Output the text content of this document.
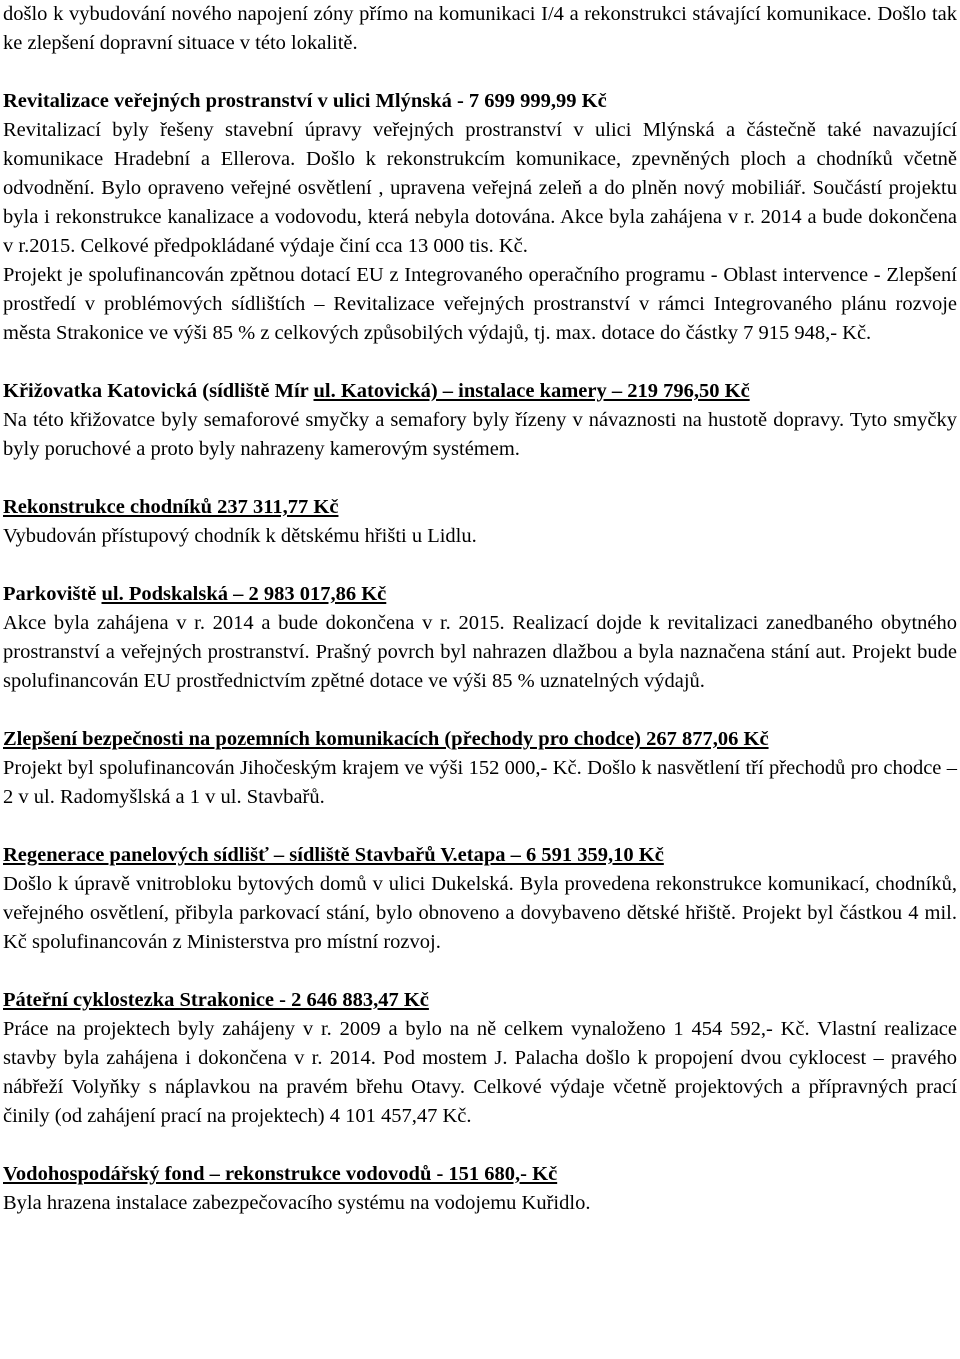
došlo k vybudování nového napojení zóny přímo na komunikaci I/4 a rekonstrukci stávající komunikace. Došlo tak ke zlepšení dopravní situace v této lokalitě.

Revitalizace veřejných prostranství v ulici Mlýnská - 7 699 999,99 Kč

Revitalizací byly řešeny stavební úpravy veřejných prostranství v ulici Mlýnská a částečně také navazující komunikace Hradební a Ellerova. Došlo k rekonstrukcím komunikace, zpevněných ploch a chodníků včetně odvodnění. Bylo opraveno veřejné osvětlení , upravena veřejná zeleň a do plněn nový mobiliář. Součástí projektu byla i rekonstrukce kanalizace a vodovodu, která nebyla dotována. Akce byla zahájena v r. 2014 a bude dokončena v r.2015. Celkové předpokládané výdaje činí cca 13 000 tis. Kč.

Projekt je spolufinancován zpětnou dotací EU z Integrovaného operačního programu - Oblast intervence - Zlepšení prostředí v problémových sídlištích – Revitalizace veřejných prostranství v rámci Integrovaného plánu rozvoje města Strakonice ve výši 85 % z celkových způsobilých výdajů, tj. max. dotace do částky 7 915 948,- Kč.

Křižovatka Katovická (sídliště Mír ul. Katovická) – instalace kamery – 219 796,50 Kč

Na této křižovatce byly semaforové smyčky a semafory byly řízeny v návaznosti na hustotě dopravy. Tyto smyčky byly poruchové a proto byly nahrazeny kamerovým systémem.

Rekonstrukce chodníků 237 311,77 Kč

Vybudován přístupový chodník k dětskému hřišti u Lidlu.

Parkoviště ul. Podskalská – 2 983 017,86 Kč

Akce byla zahájena v r. 2014 a bude dokončena v r. 2015. Realizací dojde k revitalizaci zanedbaného obytného prostranství a veřejných prostranství. Prašný povrch byl nahrazen dlažbou a byla naznačena stání aut. Projekt bude spolufinancován EU prostřednictvím zpětné dotace ve výši 85 % uznatelných výdajů.

Zlepšení bezpečnosti na pozemních komunikacích (přechody pro chodce) 267 877,06 Kč

Projekt byl spolufinancován Jihočeským krajem ve výši 152 000,- Kč. Došlo k nasvětlení tří přechodů pro chodce – 2 v ul. Radomyšlská a 1 v ul. Stavbařů.

Regenerace panelových sídlišť – sídliště Stavbařů V.etapa – 6 591 359,10 Kč

Došlo k úpravě vnitrobloku bytových domů v ulici Dukelská. Byla provedena rekonstrukce komunikací, chodníků, veřejného osvětlení, přibyla parkovací stání, bylo obnoveno a dovybaveno dětské hřiště. Projekt byl částkou 4 mil. Kč spolufinancován z Ministerstva pro místní rozvoj.

Páteřní cyklostezka Strakonice - 2 646 883,47 Kč

Práce na projektech byly zahájeny v r. 2009 a bylo na ně celkem vynaloženo 1 454 592,- Kč. Vlastní realizace stavby byla zahájena i dokončena v r. 2014. Pod mostem J. Palacha došlo k propojení dvou cyklocest – pravého nábřeží Volyňky s náplavkou na pravém břehu Otavy. Celkové výdaje včetně projektových a přípravných prací činily (od zahájení prací na projektech) 4 101 457,47 Kč.

Vodohospodářský fond – rekonstrukce vodovodů - 151 680,- Kč

Byla hrazena instalace zabezpečovacího systému na vodojemu Kuřidlo.
